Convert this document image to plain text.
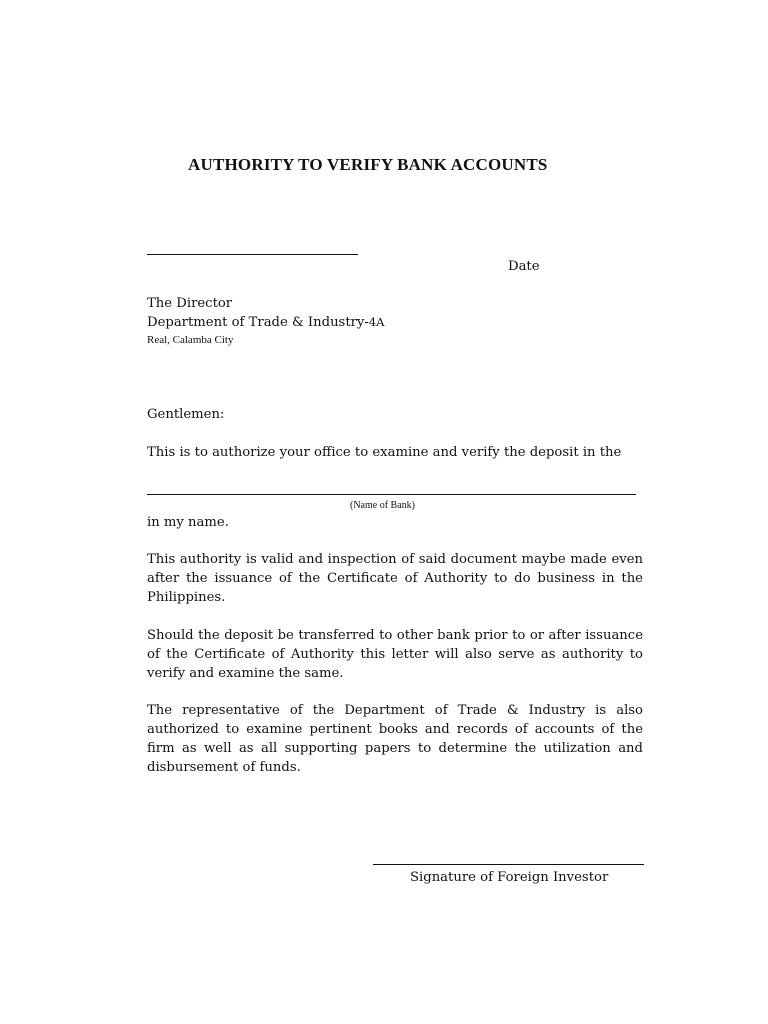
AUTHORITY TO VERIFY BANK ACCOUNTS
Date
The Director
Department of Trade & Industry-4A
Real, Calamba City
Gentlemen:
This is to authorize your office to examine and verify the deposit in the
(Name of Bank)
in my name.
This authority is valid and inspection of said document maybe made even after the issuance of the Certificate of Authority to do business in the Philippines.
Should the deposit be transferred to other bank prior to or after issuance of the Certificate of Authority this letter will also serve as authority to verify and examine the same.
The representative of the Department of Trade & Industry is also authorized to examine pertinent books and records of accounts of the firm as well as all supporting papers to determine the utilization and disbursement of funds.
Signature of Foreign Investor
